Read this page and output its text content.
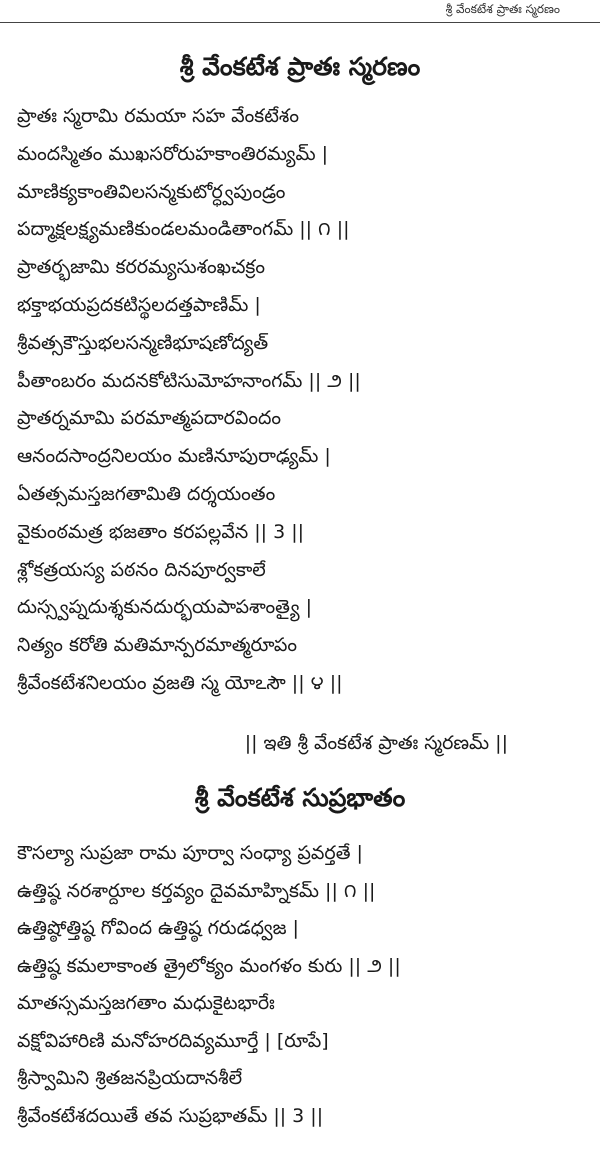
శ్రీ వేంకటేశ ప్రాతః స్మరణం
శ్రీ వేంకటేశ ప్రాతః స్మరణం
ప్రాతః స్మరామి రమయా సహ వేంకటేశం
మందస్మితం ముఖసరోరుహకాంతిరమ్యమ్ |
మాణిక్యకాంతివిలసన్మకుటోర్ధ్వపుండ్రం
పద్మాక్షలక్ష్యమణికుండలమండితాంగమ్ || ౧ ||
ప్రాతర్భజామి కరరమ్యసుశంఖచక్రం
భక్తాభయప్రదకటిస్థలదత్తపాణిమ్ |
శ్రీవత్సకౌస్తుభలసన్మణిభూషణోద్యత్
పీతాంబరం మదనకోటిసుమోహనాంగమ్ || ౨ ||
ప్రాతర్నమామి పరమాత్మపదారవిందం
ఆనందసాంద్రనిలయం మణినూపురాఢ్యమ్ |
ఏతత్సమస్తజగతామితి దర్శయంతం
వైకుంఠమత్ర భజతాం కరపల్లవేన || 3 ||
శ్లోకత్రయస్య పఠనం దినపూర్వకాలే
దుస్స్వప్నదుశ్శకునదుర్భయపాపశాంత్యై |
నిత్యం కరోతి మతిమాన్పరమాత్మరూపం
శ్రీవేంకటేశనిలయం వ్రజతి స్మ యోఽసౌ || ౪ ||
|| ఇతి శ్రీ వేంకటేశ ప్రాతః స్మరణమ్ ||
శ్రీ వేంకటేశ సుప్రభాతం
కౌసల్యా సుప్రజా రామ పూర్వా సంధ్యా ప్రవర్తతే |
ఉత్తిష్ఠ నరశార్దూల కర్తవ్యం దైవమాహ్నికమ్ || ౧ ||
ఉత్తిష్ఠోత్తిష్ఠ గోవింద ఉత్తిష్ఠ గరుడధ్వజ |
ఉత్తిష్ఠ కమలాకాంత త్రైలోక్యం మంగళం కురు || ౨ ||
మాతస్సమస్తజగతాం మధుకైటభారేః
వక్షోవిహారిణి మనోహరదివ్యమూర్తే | [రూపే]
శ్రీస్వామిని శ్రితజనప్రియదానశీలే
శ్రీవేంకటేశదయితే తవ సుప్రభాతమ్ || 3 ||
